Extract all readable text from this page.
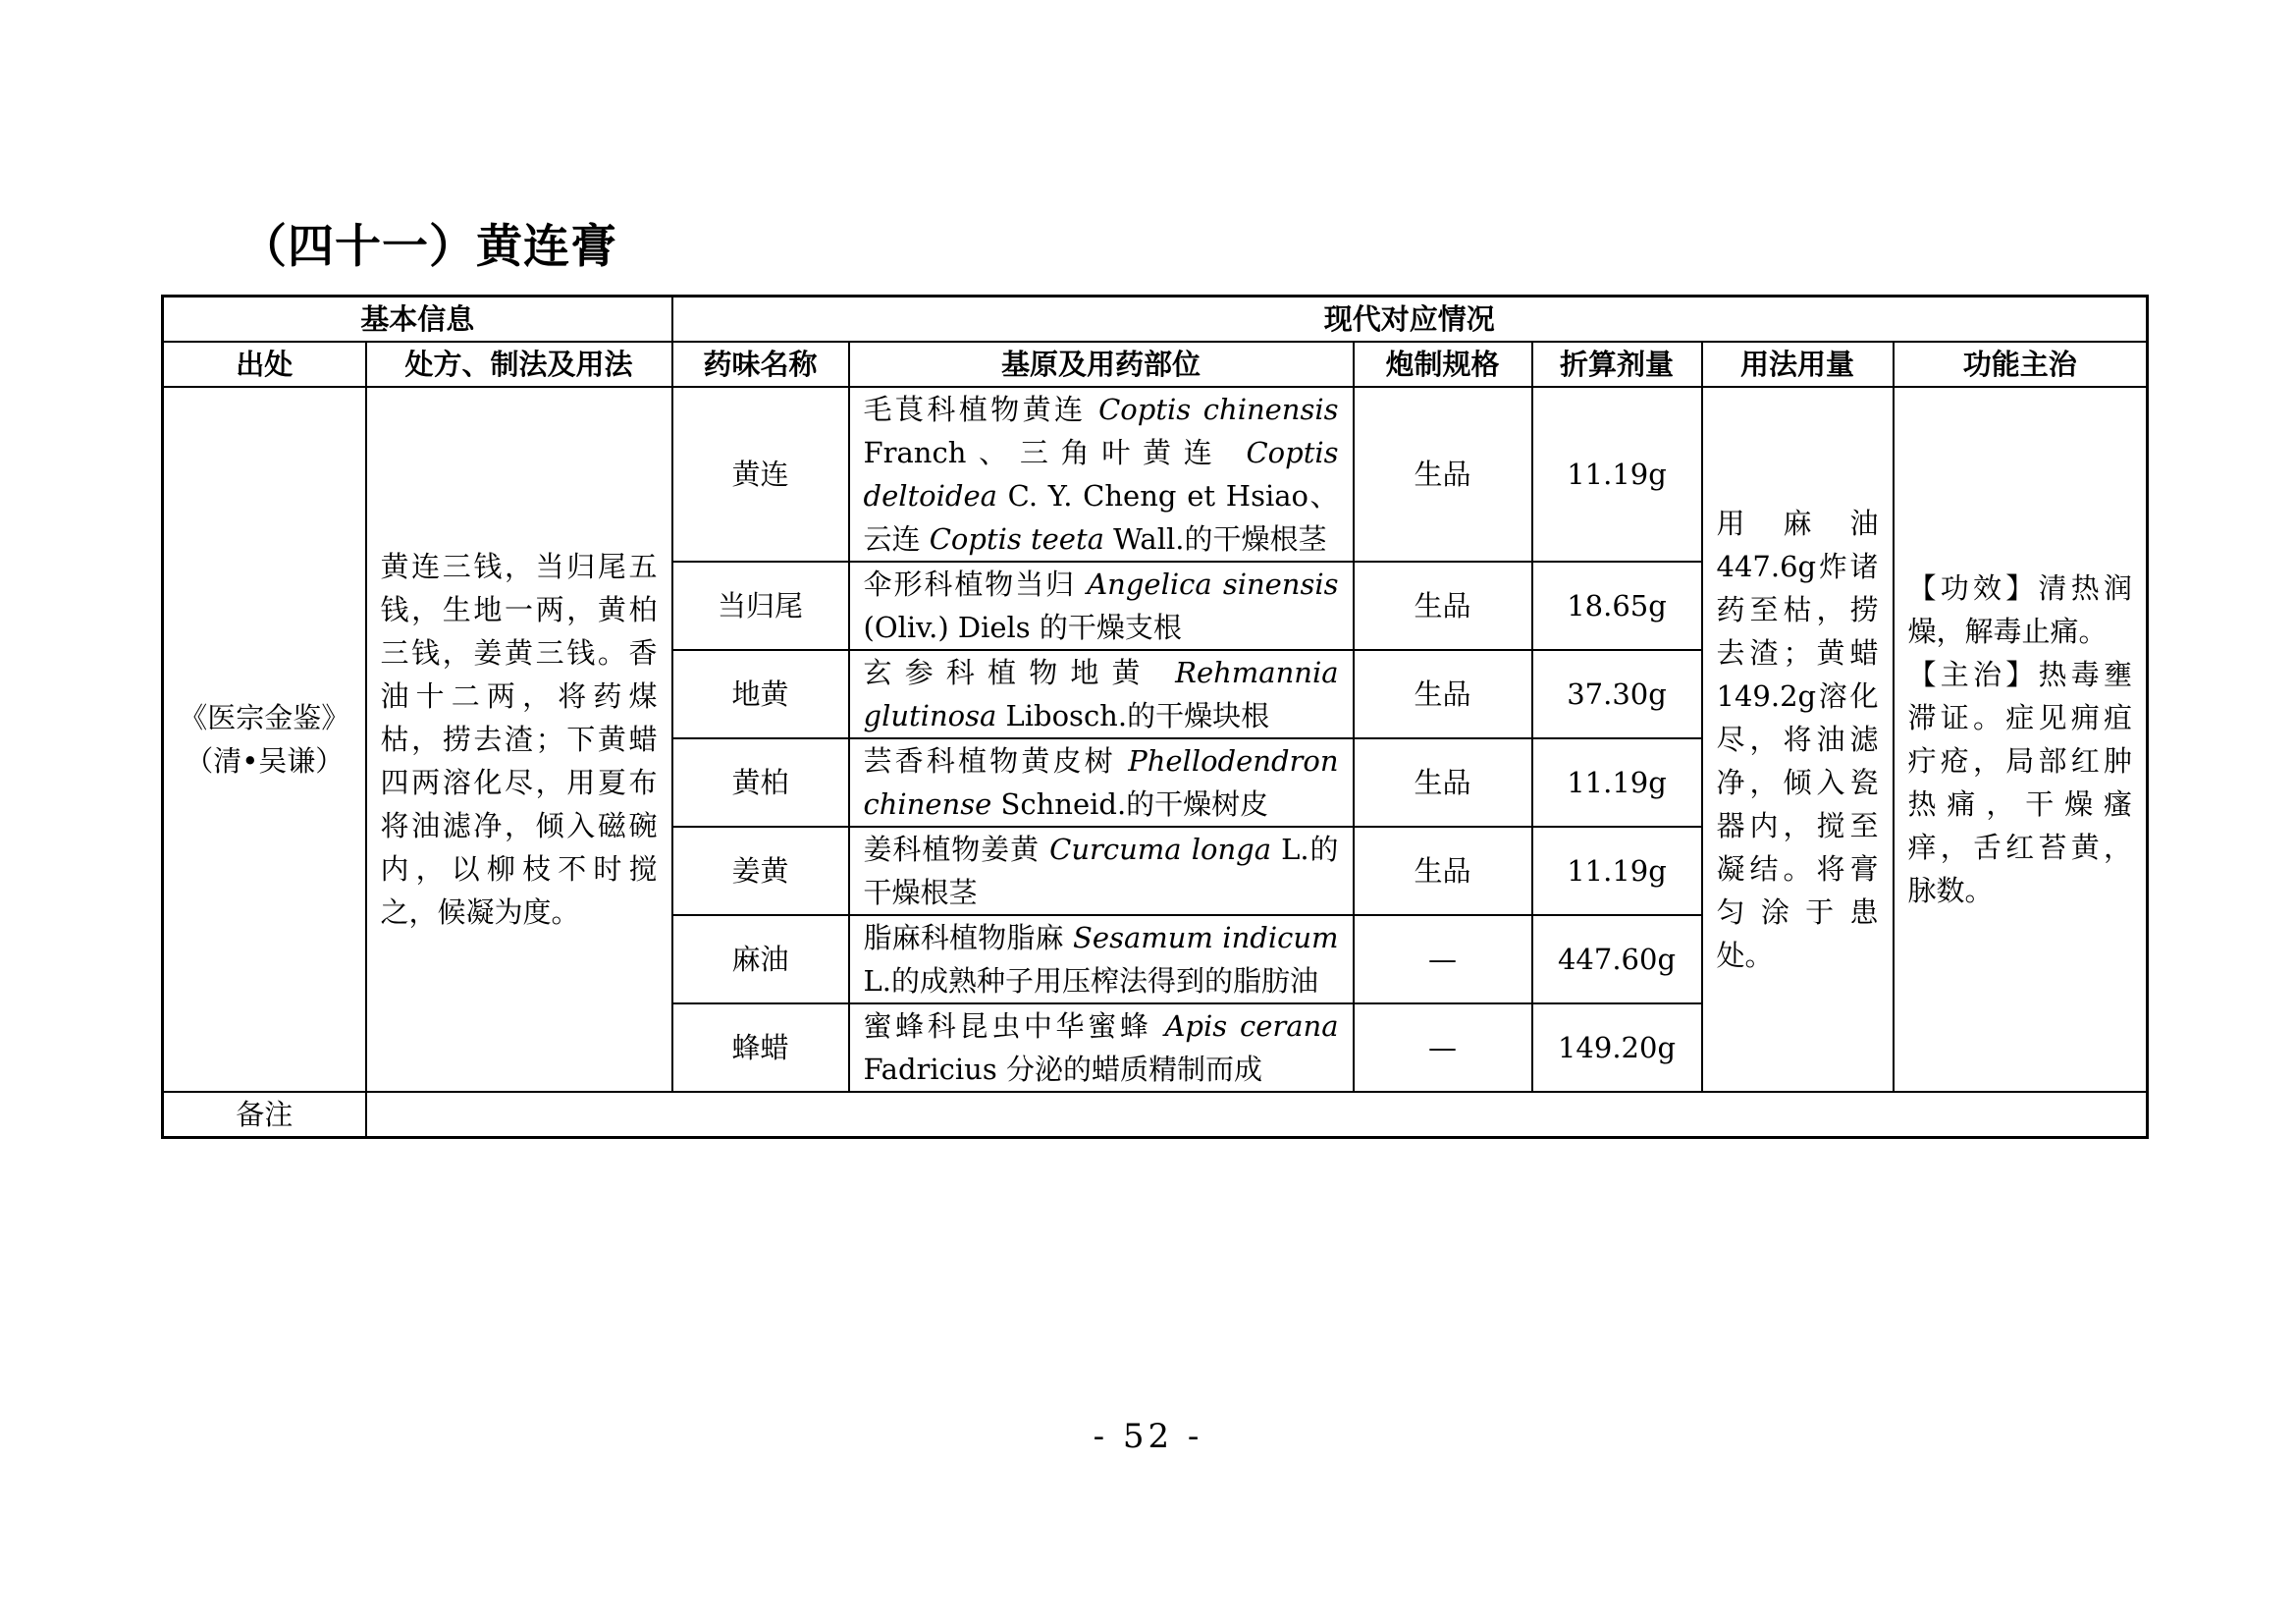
（四十一）黄连膏
基本信息		现代对应情况					
出处	处方、制法及用法	药味名称	基原及用药部位	炮制规格	折算剂量	用法用量	功能主治
《医宗金鉴》（清•吴谦）	黄连三钱，当归尾五钱，生地一两，黄柏三钱，姜黄三钱。香油十二两，将药煤枯，捞去渣；下黄蜡四两溶化尽，用夏布将油滤净，倾入磁碗内，以柳枝不时搅之，候凝为度。	黄连	毛茛科植物黄连 Coptis chinensis Franch、三角叶黄连 Coptis deltoidea C. Y. Cheng et Hsiao、云连 Coptis teeta Wall.的干燥根茎	生品	11.19g	用麻油447.6g炸诸药至枯，捞去渣；黄蜡149.2g溶化尽，将油滤净，倾入瓷器内，搅至凝结。将膏匀涂于患处。	【功效】清热润燥，解毒止痛。
【主治】热毒壅滞证。症见痈疽疔疮，局部红肿热痛，干燥瘙痒，舌红苔黄，脉数。
		当归尾	伞形科植物当归 Angelica sinensis (Oliv.) Diels 的干燥支根	生品	18.65g		
		地黄	玄参科植物地黄 Rehmannia glutinosa Libosch.的干燥块根	生品	37.30g		
		黄柏	芸香科植物黄皮树 Phellodendron chinense Schneid.的干燥树皮	生品	11.19g		
		姜黄	姜科植物姜黄 Curcuma longa L.的干燥根茎	生品	11.19g		
		麻油	脂麻科植物脂麻 Sesamum indicum L.的成熟种子用压榨法得到的脂肪油	—	447.60g		
		蜂蜡	蜜蜂科昆虫中华蜜蜂 Apis cerana Fadricius 分泌的蜡质精制而成	—	149.20g		
备注							
- 52 -
